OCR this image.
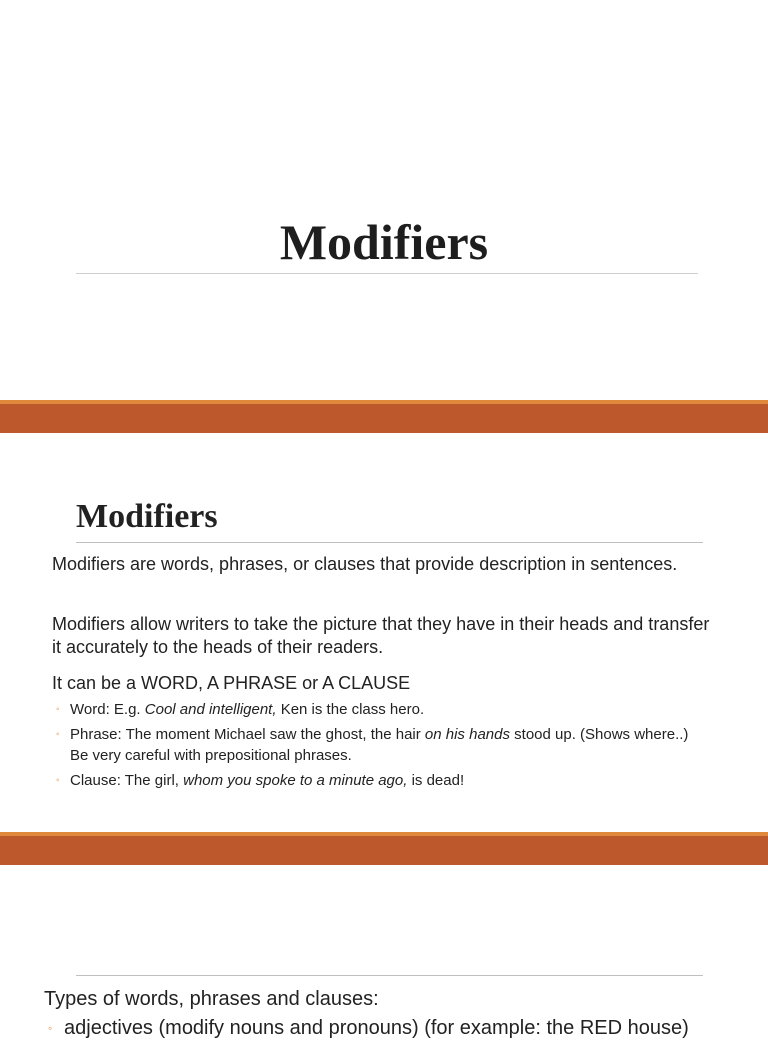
Modifiers
Modifiers
Modifiers are words, phrases, or clauses that provide description in sentences.
Modifiers allow writers to take the picture that they have in their heads and transfer it accurately to the heads of their readers.
It can be a WORD, A PHRASE or A CLAUSE
◦ Word: E.g. Cool and intelligent, Ken is the class hero.
◦ Phrase: The moment Michael saw the ghost, the hair on his hands stood up. (Shows where..) Be very careful with prepositional phrases.
◦ Clause: The girl, whom you spoke to a minute ago, is dead!
Types of words, phrases and clauses:
◦ adjectives (modify nouns and pronouns) (for example: the RED house)
